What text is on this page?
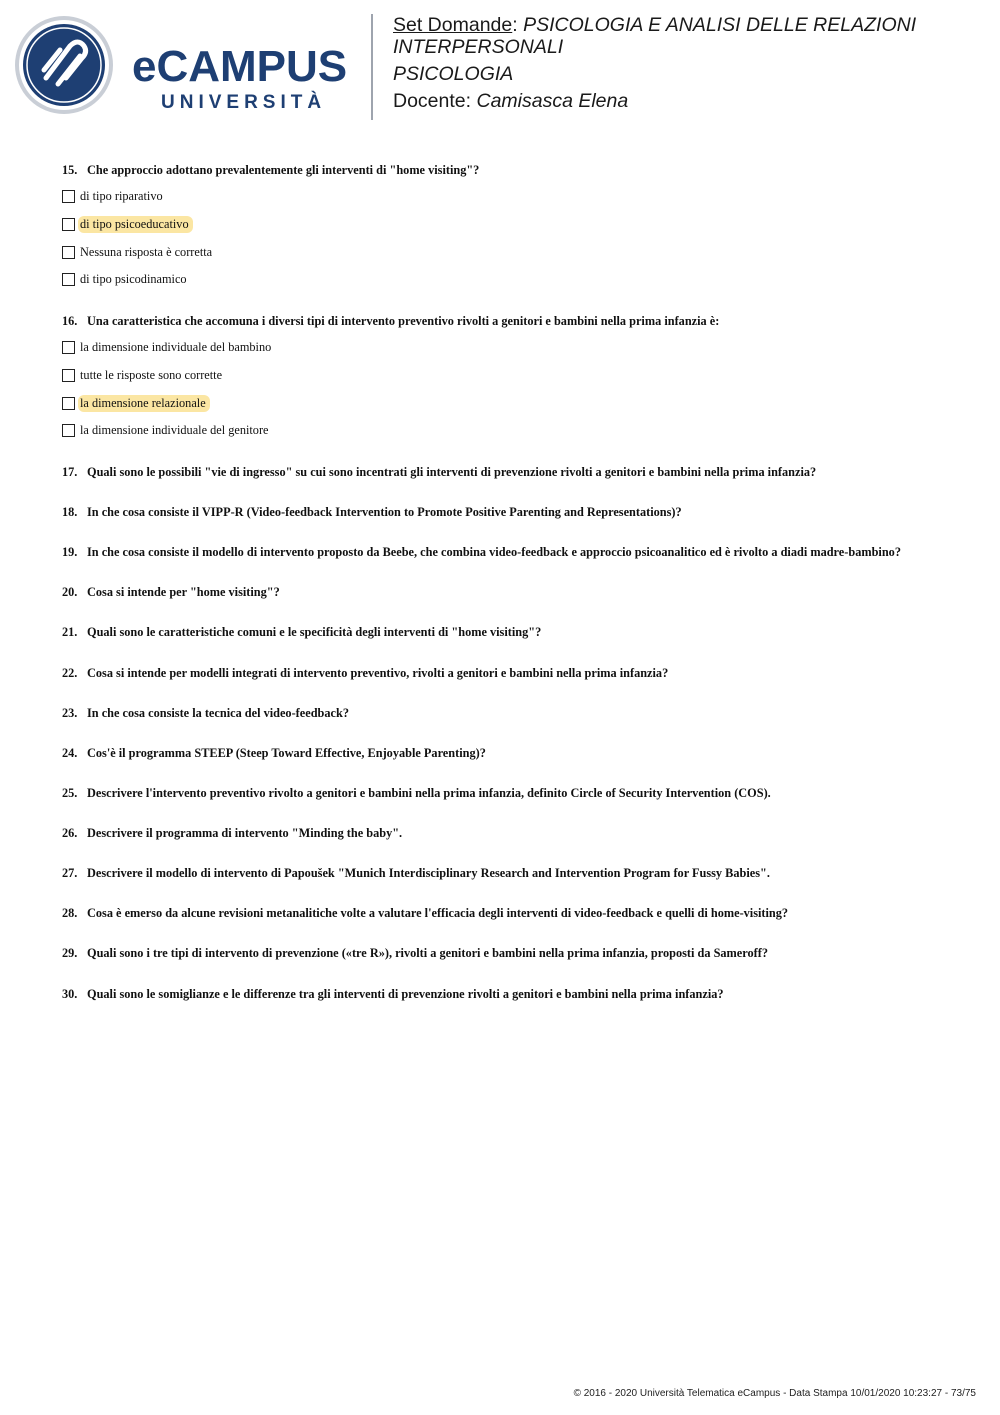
eCAMPUS
UNIVERSITÀ
Set Domande: PSICOLOGIA E ANALISI DELLE RELAZIONI
INTERPERSONALI
PSICOLOGIA
Docente: Camisasca Elena
15. Che approccio adottano prevalentemente gli interventi di "home visiting"?
di tipo riparativo
di tipo psicoeducativo
Nessuna risposta è corretta
di tipo psicodinamico
16. Una caratteristica che accomuna i diversi tipi di intervento preventivo rivolti a genitori e bambini nella prima infanzia è:
la dimensione individuale del bambino
tutte le risposte sono corrette
la dimensione relazionale
la dimensione individuale del genitore
17. Quali sono le possibili "vie di ingresso" su cui sono incentrati gli interventi di prevenzione rivolti a genitori e bambini nella prima infanzia?
18. In che cosa consiste il VIPP-R (Video-feedback Intervention to Promote Positive Parenting and Representations)?
19. In che cosa consiste il modello di intervento proposto da Beebe, che combina video-feedback e approccio psicoanalitico ed è rivolto a diadi madre-bambino?
20. Cosa si intende per "home visiting"?
21. Quali sono le caratteristiche comuni e le specificità degli interventi di "home visiting"?
22. Cosa si intende per modelli integrati di intervento preventivo, rivolti a genitori e bambini nella prima infanzia?
23. In che cosa consiste la tecnica del video-feedback?
24. Cos'è il programma STEEP (Steep Toward Effective, Enjoyable Parenting)?
25. Descrivere l'intervento preventivo rivolto a genitori e bambini nella prima infanzia, definito Circle of Security Intervention (COS).
26. Descrivere il programma di intervento "Minding the baby".
27. Descrivere il modello di intervento di Papoušek "Munich Interdisciplinary Research and Intervention Program for Fussy Babies".
28. Cosa è emerso da alcune revisioni metanalitiche volte a valutare l'efficacia degli interventi di video-feedback e quelli di home-visiting?
29. Quali sono i tre tipi di intervento di prevenzione («tre R»), rivolti a genitori e bambini nella prima infanzia, proposti da Sameroff?
30. Quali sono le somiglianze e le differenze tra gli interventi di prevenzione rivolti a genitori e bambini nella prima infanzia?
© 2016 - 2020 Università Telematica eCampus - Data Stampa 10/01/2020 10:23:27 - 73/75
